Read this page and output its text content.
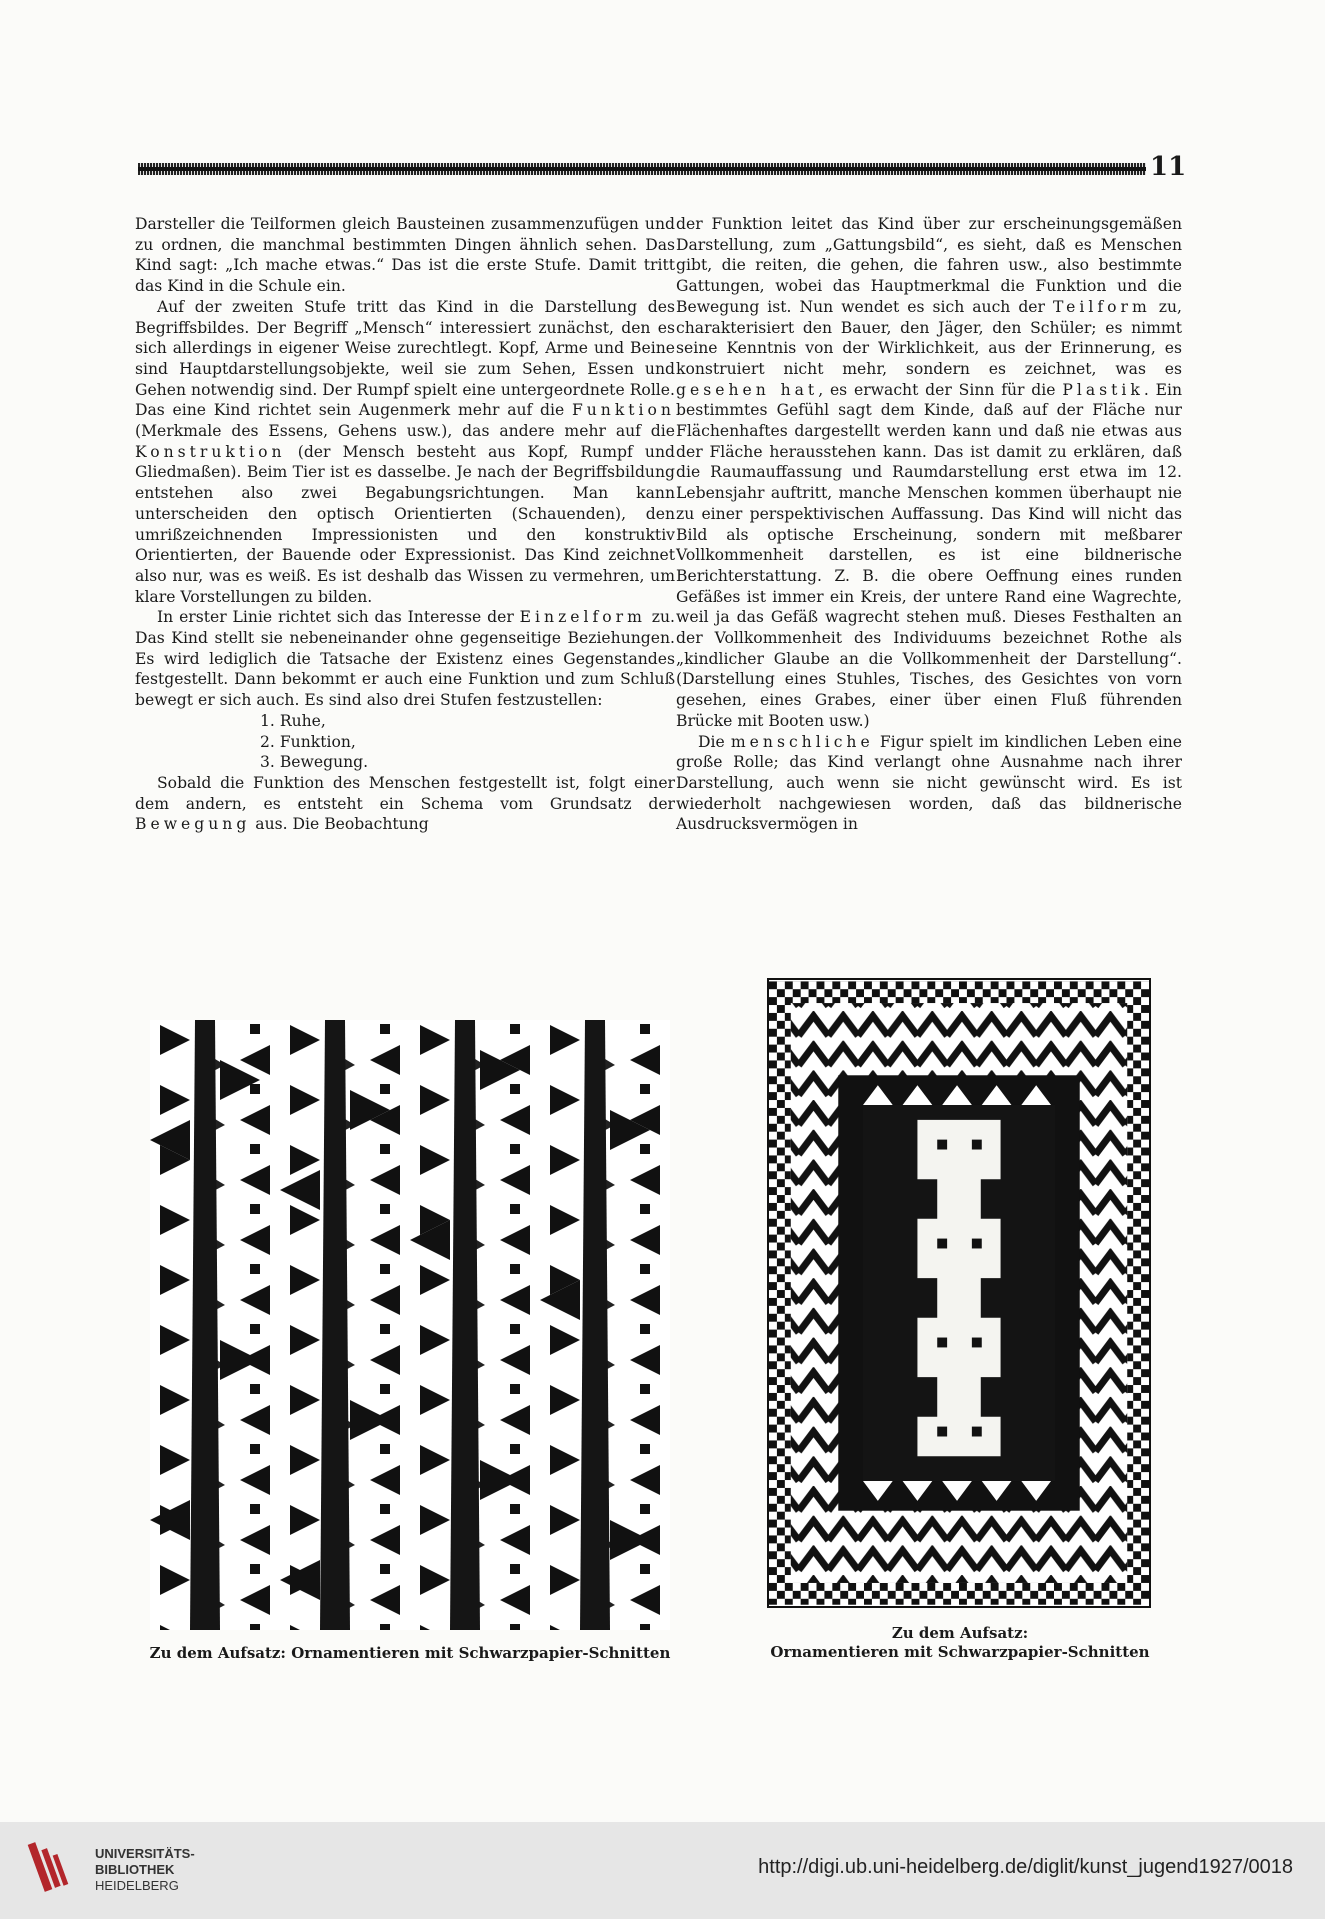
11

Darsteller die Teilformen gleich Bausteinen zusammenzufügen und zu ordnen, die manchmal bestimmten Dingen ähnlich sehen. Das Kind sagt: „Ich mache etwas.“ Das ist die erste Stufe. Damit tritt das Kind in die Schule ein.

Auf der zweiten Stufe tritt das Kind in die Darstellung des Begriffsbildes. Der Begriff „Mensch“ interessiert zunächst, den es sich allerdings in eigener Weise zurechtlegt. Kopf, Arme und Beine sind Hauptdarstellungsobjekte, weil sie zum Sehen, Essen und Gehen notwendig sind. Der Rumpf spielt eine untergeordnete Rolle. Das eine Kind richtet sein Augenmerk mehr auf die Funktion (Merkmale des Essens, Gehens usw.), das andere mehr auf die Konstruktion (der Mensch besteht aus Kopf, Rumpf und Gliedmaßen). Beim Tier ist es dasselbe. Je nach der Begriffsbildung entstehen also zwei Begabungsrichtungen. Man kann unterscheiden den optisch Orientierten (Schauenden), den umrißzeichnenden Impressionisten und den konstruktiv Orientierten, der Bauende oder Expressionist. Das Kind zeichnet also nur, was es weiß. Es ist deshalb das Wissen zu vermehren, um klare Vorstellungen zu bilden.

In erster Linie richtet sich das Interesse der Einzelform zu. Das Kind stellt sie nebeneinander ohne gegenseitige Beziehungen. Es wird lediglich die Tatsache der Existenz eines Gegenstandes festgestellt. Dann bekommt er auch eine Funktion und zum Schluß bewegt er sich auch. Es sind also drei Stufen festzustellen:

1. Ruhe,
2. Funktion,
3. Bewegung.

Sobald die Funktion des Menschen festgestellt ist, folgt einer dem andern, es entsteht ein Schema vom Grundsatz der Bewegung aus. Die Beobachtung

der Funktion leitet das Kind über zur erscheinungsgemäßen Darstellung, zum „Gattungsbild“, es sieht, daß es Menschen gibt, die reiten, die gehen, die fahren usw., also bestimmte Gattungen, wobei das Hauptmerkmal die Funktion und die Bewegung ist. Nun wendet es sich auch der Teilform zu, charakterisiert den Bauer, den Jäger, den Schüler; es nimmt seine Kenntnis von der Wirklichkeit, aus der Erinnerung, es konstruiert nicht mehr, sondern es zeichnet, was es gesehen hat, es erwacht der Sinn für die Plastik. Ein bestimmtes Gefühl sagt dem Kinde, daß auf der Fläche nur Flächenhaftes dargestellt werden kann und daß nie etwas aus der Fläche herausstehen kann. Das ist damit zu erklären, daß die Raumauffassung und Raumdarstellung erst etwa im 12. Lebensjahr auftritt, manche Menschen kommen überhaupt nie zu einer perspektivischen Auffassung. Das Kind will nicht das Bild als optische Erscheinung, sondern mit meßbarer Vollkommenheit darstellen, es ist eine bildnerische Berichterstattung. Z. B. die obere Oeffnung eines runden Gefäßes ist immer ein Kreis, der untere Rand eine Wagrechte, weil ja das Gefäß wagrecht stehen muß. Dieses Festhalten an der Vollkommenheit des Individuums bezeichnet Rothe als „kindlicher Glaube an die Vollkommenheit der Darstellung“. (Darstellung eines Stuhles, Tisches, des Gesichtes von vorn gesehen, eines Grabes, einer über einen Fluß führenden Brücke mit Booten usw.)

Die menschliche Figur spielt im kindlichen Leben eine große Rolle; das Kind verlangt ohne Ausnahme nach ihrer Darstellung, auch wenn sie nicht gewünscht wird. Es ist wiederholt nachgewiesen worden, daß das bildnerische Ausdrucksvermögen in

Zu dem Aufsatz: Ornamentieren mit Schwarzpapier-Schnitten
Zu dem Aufsatz:
Ornamentieren mit Schwarzpapier-Schnitten
UNIVERSITÄTS-
BIBLIOTHEK
HEIDELBERG
http://digi.ub.uni-heidelberg.de/diglit/kunst_jugend1927/0018
